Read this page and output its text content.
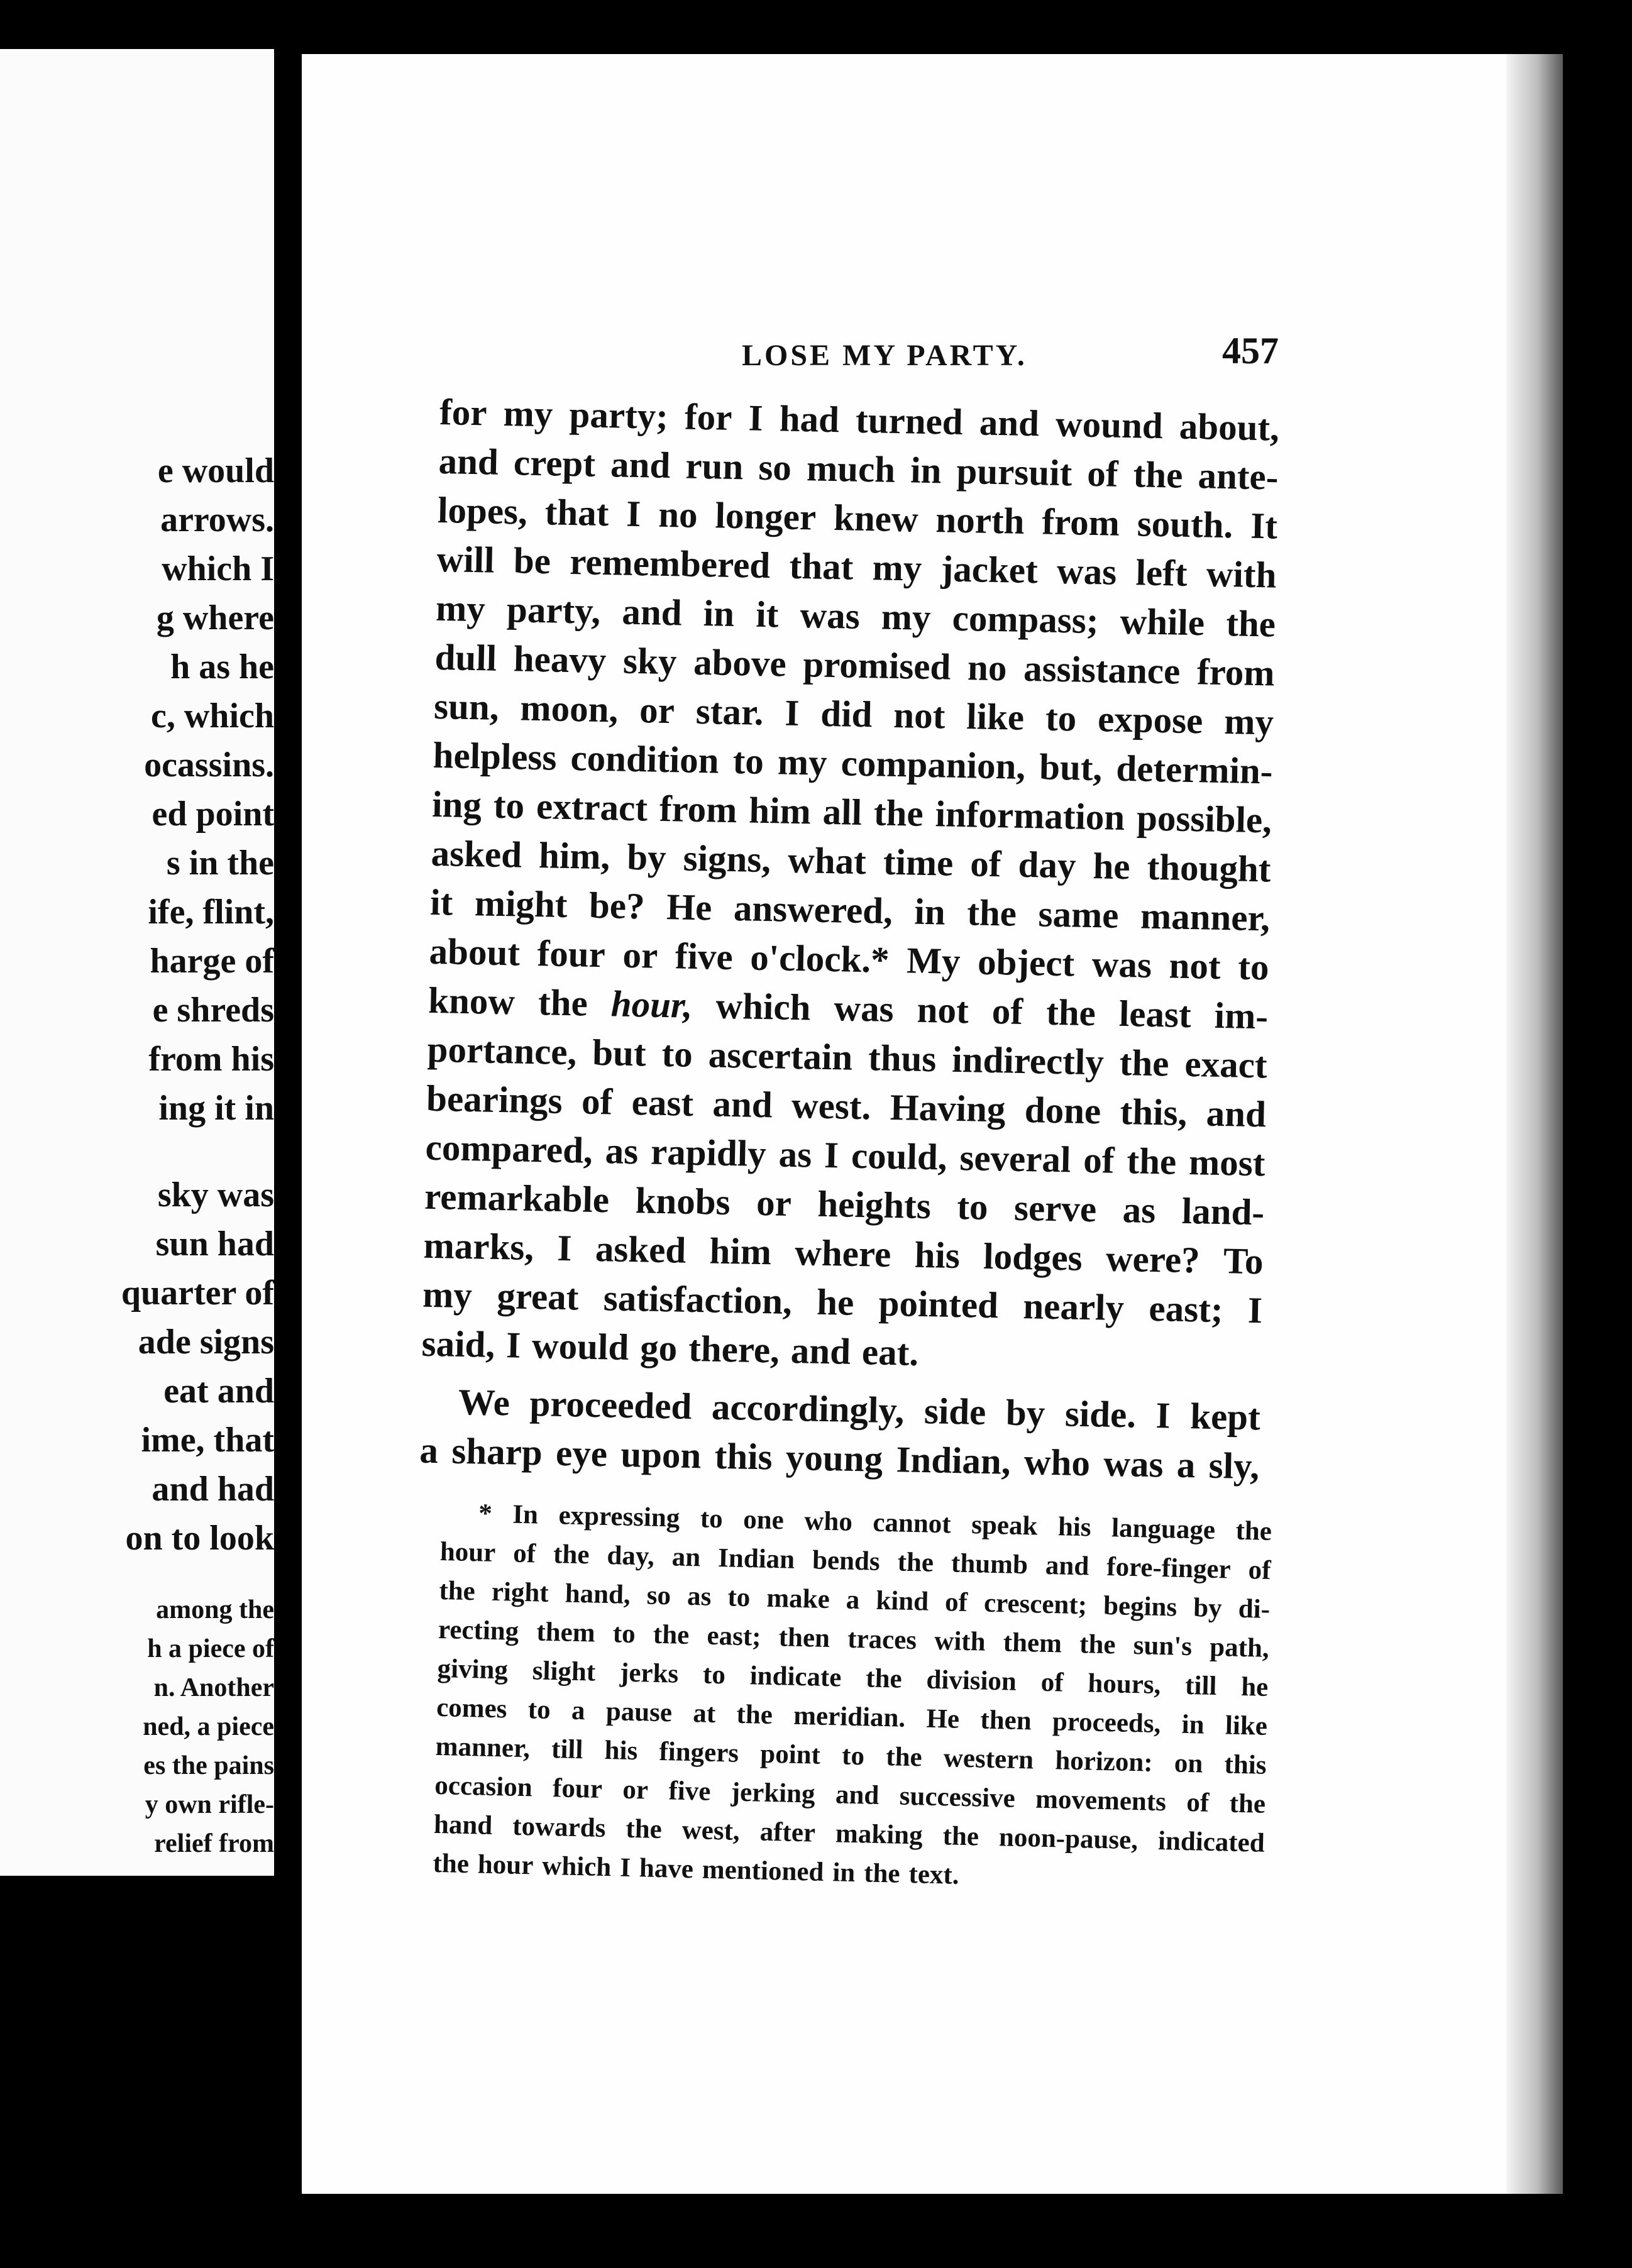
e would
arrows.
which I
g where
h as he
c, which
ocassins.
ed point
s in the
ife, flint,
harge of
e shreds
from his
ing it in
sky was
sun had
quarter of
ade signs
eat and
ime, that
and had
on to look
among the
h a piece of
n. Another
ned, a piece
es the pains
y own rifle-
relief from
LOSE MY PARTY.	457
for my party; for I had turned and wound about,
and crept and run so much in pursuit of the ante-
lopes, that I no longer knew north from south. It
will be remembered that my jacket was left with
my party, and in it was my compass; while the
dull heavy sky above promised no assistance from
sun, moon, or star. I did not like to expose my
helpless condition to my companion, but, determin-
ing to extract from him all the information possible,
asked him, by signs, what time of day he thought
it might be? He answered, in the same manner,
about four or five o'clock.* My object was not to
know the hour, which was not of the least im-
portance, but to ascertain thus indirectly the exact
bearings of east and west. Having done this, and
compared, as rapidly as I could, several of the most
remarkable knobs or heights to serve as land-
marks, I asked him where his lodges were? To
my great satisfaction, he pointed nearly east; I
said, I would go there, and eat.
We proceeded accordingly, side by side. I kept
a sharp eye upon this young Indian, who was a sly,
* In expressing to one who cannot speak his language the
hour of the day, an Indian bends the thumb and fore-finger of
the right hand, so as to make a kind of crescent; begins by di-
recting them to the east; then traces with them the sun's path,
giving slight jerks to indicate the division of hours, till he
comes to a pause at the meridian. He then proceeds, in like
manner, till his fingers point to the western horizon: on this
occasion four or five jerking and successive movements of the
hand towards the west, after making the noon-pause, indicated
the hour which I have mentioned in the text.
